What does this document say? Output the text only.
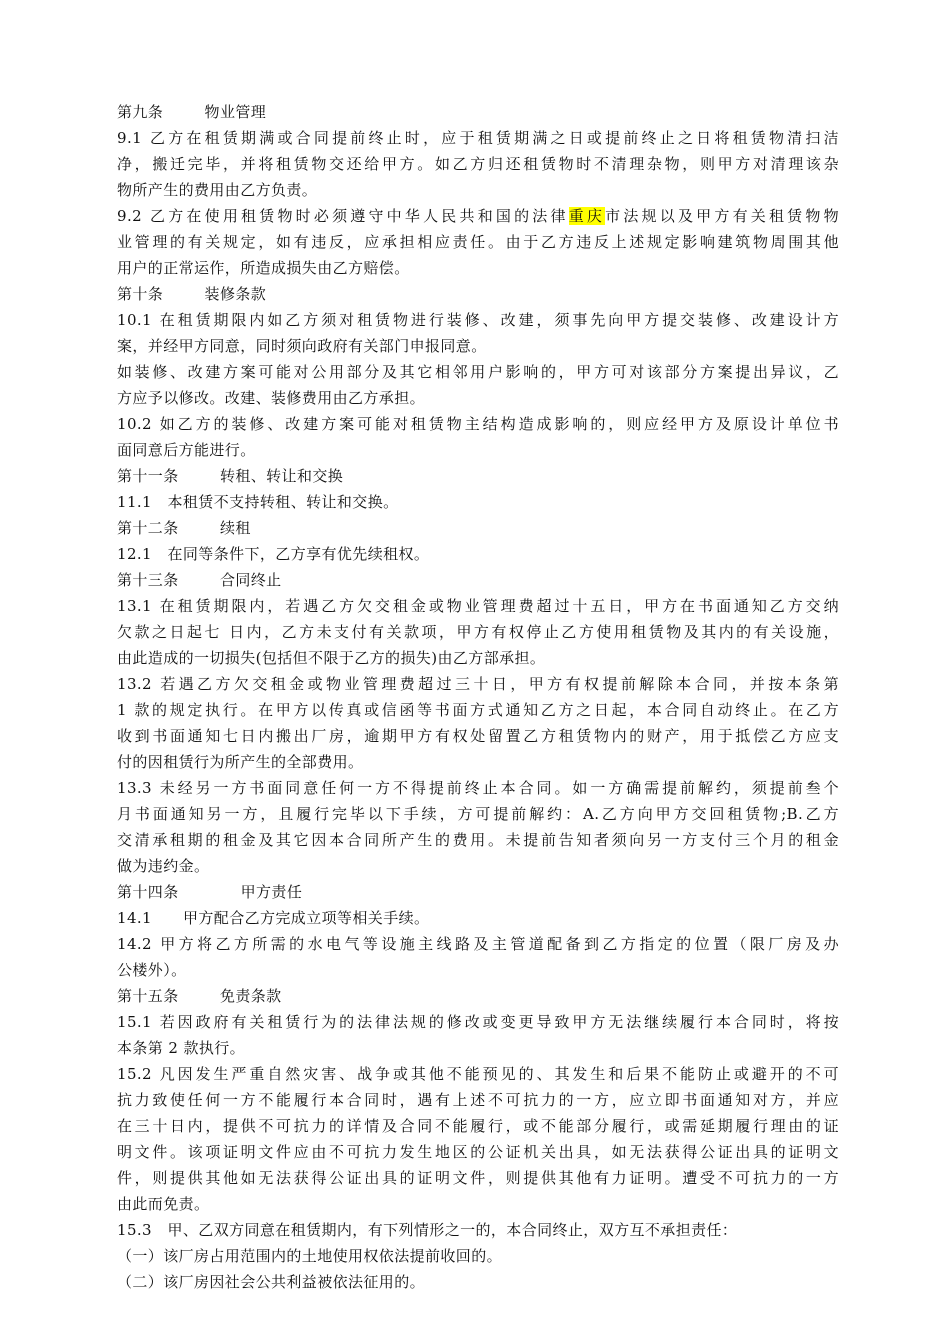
第九条        物业管理
9.1 乙方在租赁期满或合同提前终止时，应于租赁期满之日或提前终止之日将租赁物清扫洁
净，搬迁完毕，并将租赁物交还给甲方。如乙方归还租赁物时不清理杂物，则甲方对清理该杂
物所产生的费用由乙方负责。
9.2 乙方在使用租赁物时必须遵守中华人民共和国的法律重庆市法规以及甲方有关租赁物物
业管理的有关规定，如有违反，应承担相应责任。由于乙方违反上述规定影响建筑物周围其他
用户的正常运作，所造成损失由乙方赔偿。
第十条        装修条款
10.1 在租赁期限内如乙方须对租赁物进行装修、改建，须事先向甲方提交装修、改建设计方
案，并经甲方同意，同时须向政府有关部门申报同意。
如装修、改建方案可能对公用部分及其它相邻用户影响的，甲方可对该部分方案提出异议，乙
方应予以修改。改建、装修费用由乙方承担。
10.2 如乙方的装修、改建方案可能对租赁物主结构造成影响的，则应经甲方及原设计单位书
面同意后方能进行。
第十一条        转租、转让和交换
11.1   本租赁不支持转租、转让和交换。
第十二条        续租
12.1   在同等条件下，乙方享有优先续租权。
第十三条        合同终止
13.1 在租赁期限内，若遇乙方欠交租金或物业管理费超过十五日，甲方在书面通知乙方交纳
欠款之日起七 日内，乙方未支付有关款项，甲方有权停止乙方使用租赁物及其内的有关设施，
由此造成的一切损失(包括但不限于乙方的损失)由乙方部承担。
13.2 若遇乙方欠交租金或物业管理费超过三十日，甲方有权提前解除本合同，并按本条第
1 款的规定执行。在甲方以传真或信函等书面方式通知乙方之日起，本合同自动终止。在乙方
收到书面通知七日内搬出厂房，逾期甲方有权处留置乙方租赁物内的财产，用于抵偿乙方应支
付的因租赁行为所产生的全部费用。
13.3 未经另一方书面同意任何一方不得提前终止本合同。如一方确需提前解约，须提前叁个
月书面通知另一方，且履行完毕以下手续，方可提前解约：A.乙方向甲方交回租赁物;B.乙方
交清承租期的租金及其它因本合同所产生的费用。未提前告知者须向另一方支付三个月的租金
做为违约金。
第十四条            甲方责任
14.1      甲方配合乙方完成立项等相关手续。
14.2 甲方将乙方所需的水电气等设施主线路及主管道配备到乙方指定的位置（限厂房及办
公楼外）。
第十五条        免责条款
15.1 若因政府有关租赁行为的法律法规的修改或变更导致甲方无法继续履行本合同时，将按
本条第 2 款执行。
15.2 凡因发生严重自然灾害、战争或其他不能预见的、其发生和后果不能防止或避开的不可
抗力致使任何一方不能履行本合同时，遇有上述不可抗力的一方，应立即书面通知对方，并应
在三十日内，提供不可抗力的详情及合同不能履行，或不能部分履行，或需延期履行理由的证
明文件。该项证明文件应由不可抗力发生地区的公证机关出具，如无法获得公证出具的证明文
件，则提供其他如无法获得公证出具的证明文件，则提供其他有力证明。遭受不可抗力的一方
由此而免责。
15.3   甲、乙双方同意在租赁期内，有下列情形之一的，本合同终止，双方互不承担责任：
（一）该厂房占用范围内的土地使用权依法提前收回的。
（二）该厂房因社会公共利益被依法征用的。
